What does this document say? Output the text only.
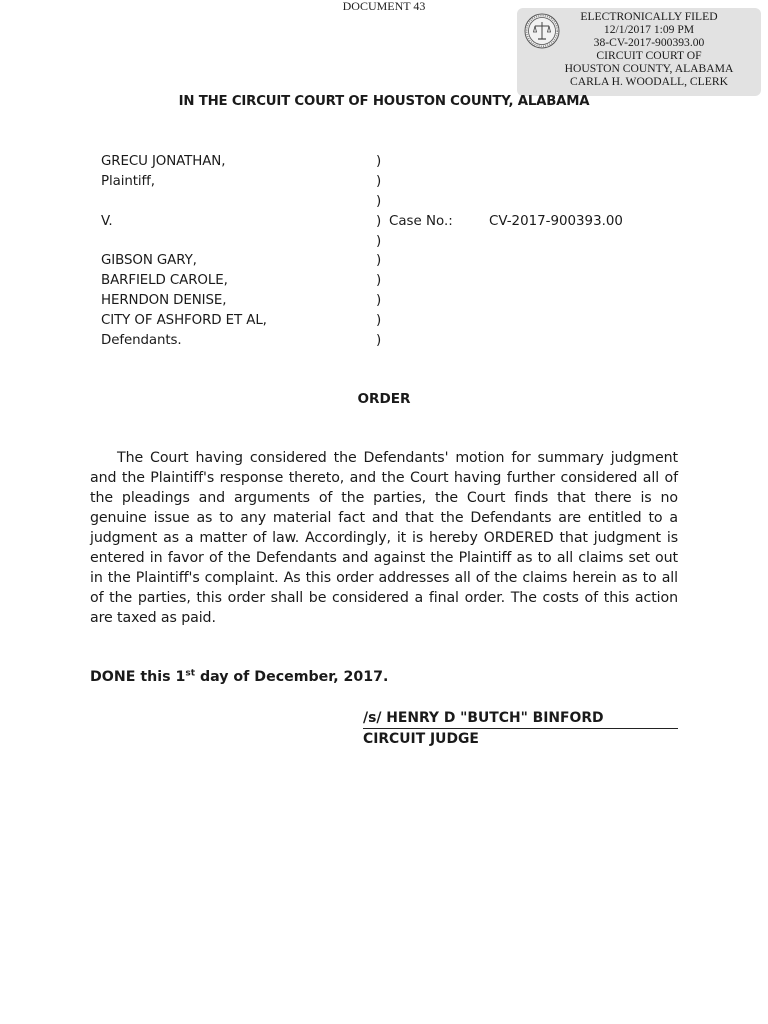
DOCUMENT 43
ELECTRONICALLY FILED
12/1/2017 1:09 PM
38-CV-2017-900393.00
CIRCUIT COURT OF
HOUSTON COUNTY, ALABAMA
CARLA H. WOODALL, CLERK
IN THE CIRCUIT COURT OF HOUSTON COUNTY, ALABAMA
GRECU JONATHAN,	)
Plaintiff,	)
)
V.	) Case No.:	CV-2017-900393.00
)
GIBSON GARY,	)
BARFIELD CAROLE,	)
HERNDON DENISE,	)
CITY OF ASHFORD ET AL,	)
Defendants.	)
ORDER
The Court having considered the Defendants' motion for summary judgment and the Plaintiff's response thereto, and the Court having further considered all of the pleadings and arguments of the parties, the Court finds that there is no genuine issue as to any material fact and that the Defendants are entitled to a judgment as a matter of law. Accordingly, it is hereby ORDERED that judgment is entered in favor of the Defendants and against the Plaintiff as to all claims set out in the Plaintiff's complaint. As this order addresses all of the claims herein as to all of the parties, this order shall be considered a final order. The costs of this action are taxed as paid.
DONE this 1st day of December, 2017.
/s/ HENRY D "BUTCH" BINFORD
CIRCUIT JUDGE
